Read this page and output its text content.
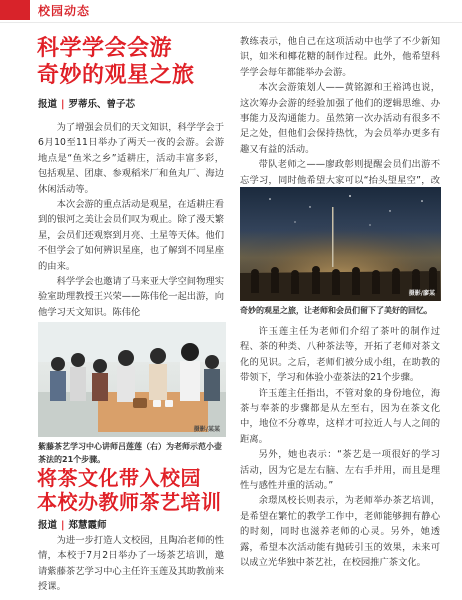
校园动态
科学学会会游
奇妙的观星之旅
报道 | 罗蒂乐、曾子芯

为了增强会员们的天文知识，科学学会于6月10至11日举办了两天一夜的会游。会游地点是“鱼米之乡”适耕庄，活动丰富多彩，包括观星、团康、参观稻米厂和鱼丸厂、海边休闲活动等。

本次会游的重点活动是观星，在适耕庄看到的银河之美让会员们叹为观止。除了漫天繁星，会员们还观察到月亮、土星等天体。他们不但学会了如何辨识星座，也了解到不同星座的由来。

科学学会也邀请了马来亚大学空间物理实验室助理教授王兴荣——陈伟伦一起出游，向他学习天文知识。陈伟伦

教练表示，他自己在这项活动中也学了不少新知识，如米和椰花糖的制作过程。此外，他希望科学学会每年都能举办会游。

本次会游策划人——黄铭源和王裕鸿也说，这次筹办会游的经验加强了他们的逻辑思维、办事能力及沟通能力。虽然第一次办活动有很多不足之处，但他们会保持热忱，为会员举办更多有趣又有益的活动。

带队老师之——廖政彰则提醒会员们出游不忘学习，同时他希望大家可以“抬头望星空”，改

摄影/廖某
奇妙的观星之旅，让老师和会员们留下了美好的回忆。
摄影/某某
紫藤茶艺学习中心讲师吕莲莲（右）为老师示范小壶茶法的21个步骤。
将茶文化带入校园
本校办教师茶艺培训
报道 | 郑慧霞师

为进一步打造人文校园，且陶冶老师的性情，本校于7月2日举办了一场茶艺培训，邀请紫藤茶艺学习中心主任许玉莲及其助教前来授课。

许玉莲主任为老师们介绍了茶叶的制作过程、茶的种类、八种茶法等，开拓了老师对茶文化的见识。之后，老师们被分成小组，在助教的带领下，学习和体验小壶茶法的21个步骤。

许玉莲主任指出，不管对象的身份地位，海茶与奉茶的步骤都是从左至右，因为在茶文化中，地位不分尊卑，这样才可拉近人与人之间的距离。

另外，她也表示：“茶艺是一项很好的学习活动，因为它是左右脑、左右手并用，而且是理性与感性并重的活动。”

余璟凤校长则表示，为老师举办茶艺培训，是希望在繁忙的教学工作中，老师能够拥有静心的时刻，同时也滋养老师的心灵。另外，她透露，希望本次活动能有抛砖引玉的效果，未来可以成立光华独中茶艺社，在校园推广茶文化。
